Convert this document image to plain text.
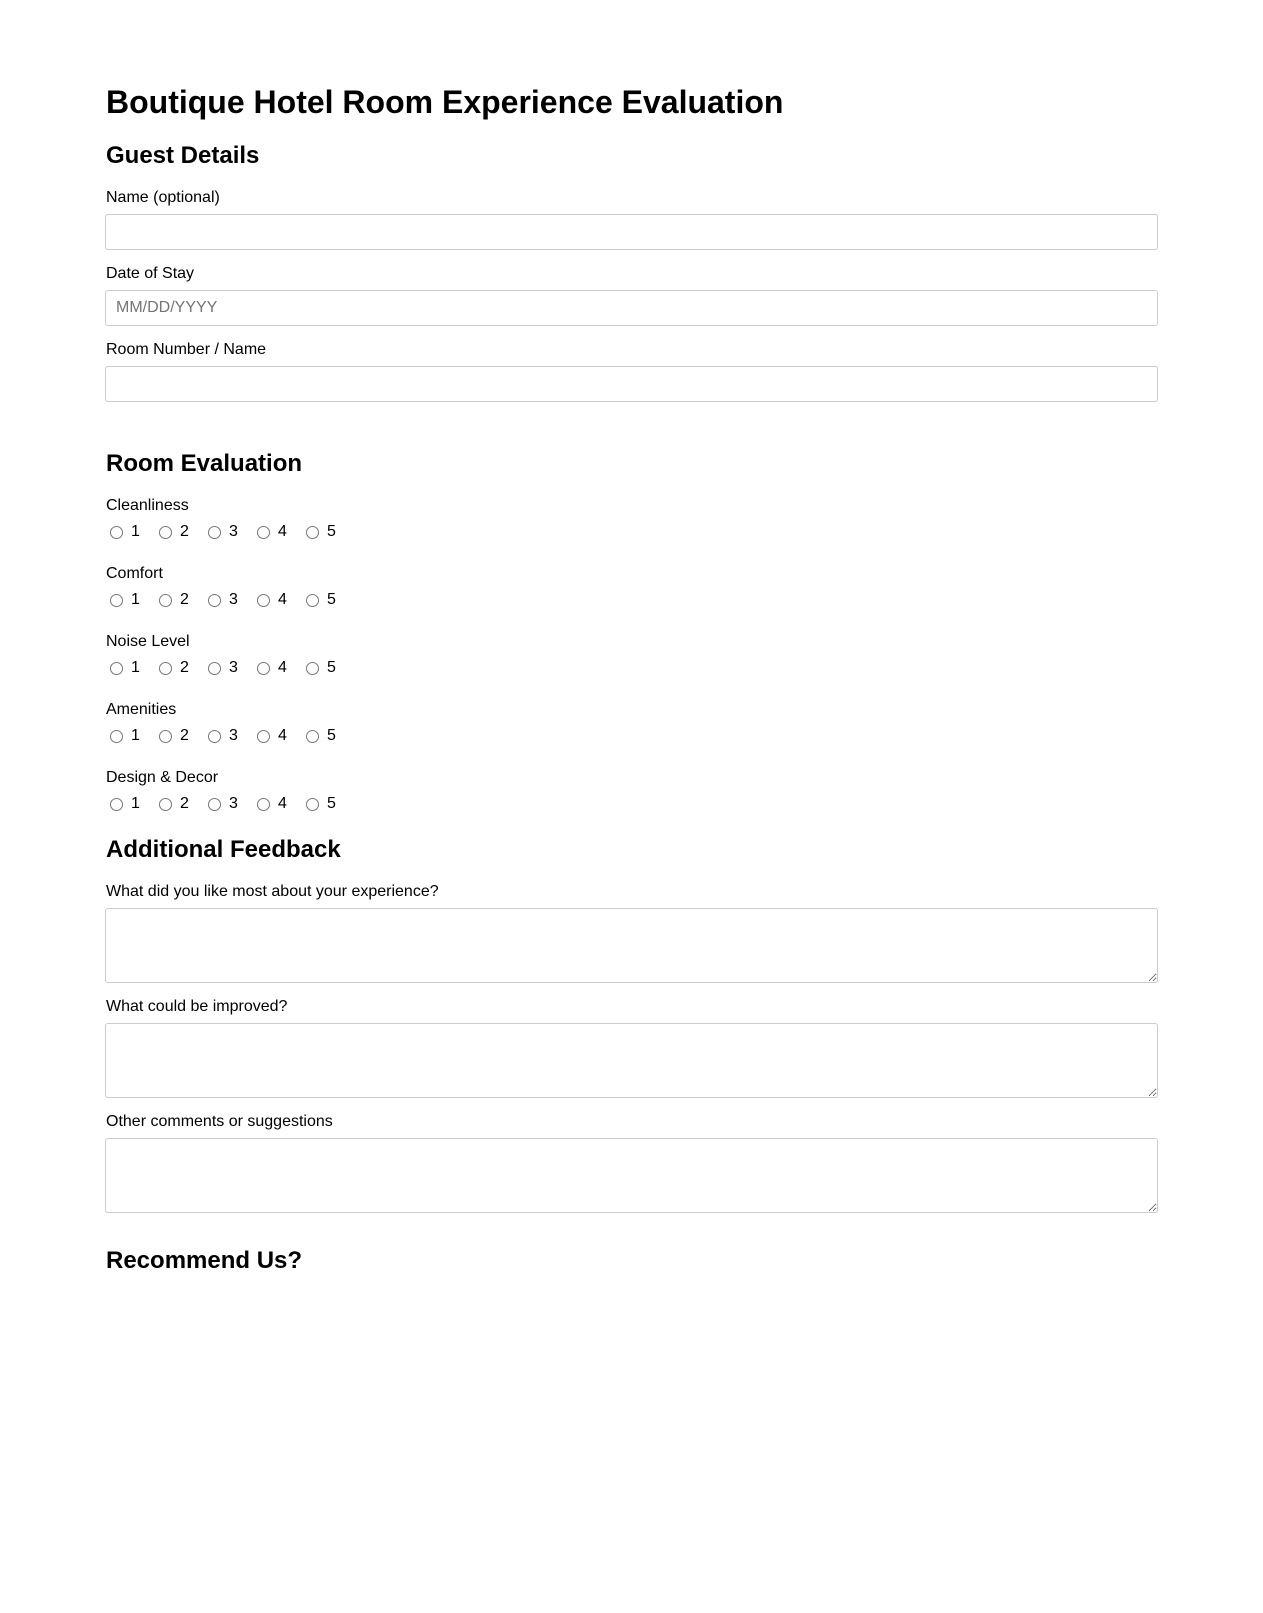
Boutique Hotel Room Experience Evaluation
Guest Details
Name (optional)
Date of Stay
MM/DD/YYYY
Room Number / Name
Room Evaluation
Cleanliness
1	2	3	4	5
Comfort
1	2	3	4	5
Noise Level
1	2	3	4	5
Amenities
1	2	3	4	5
Design & Decor
1	2	3	4	5
Additional Feedback
What did you like most about your experience?
What could be improved?
Other comments or suggestions
Recommend Us?
